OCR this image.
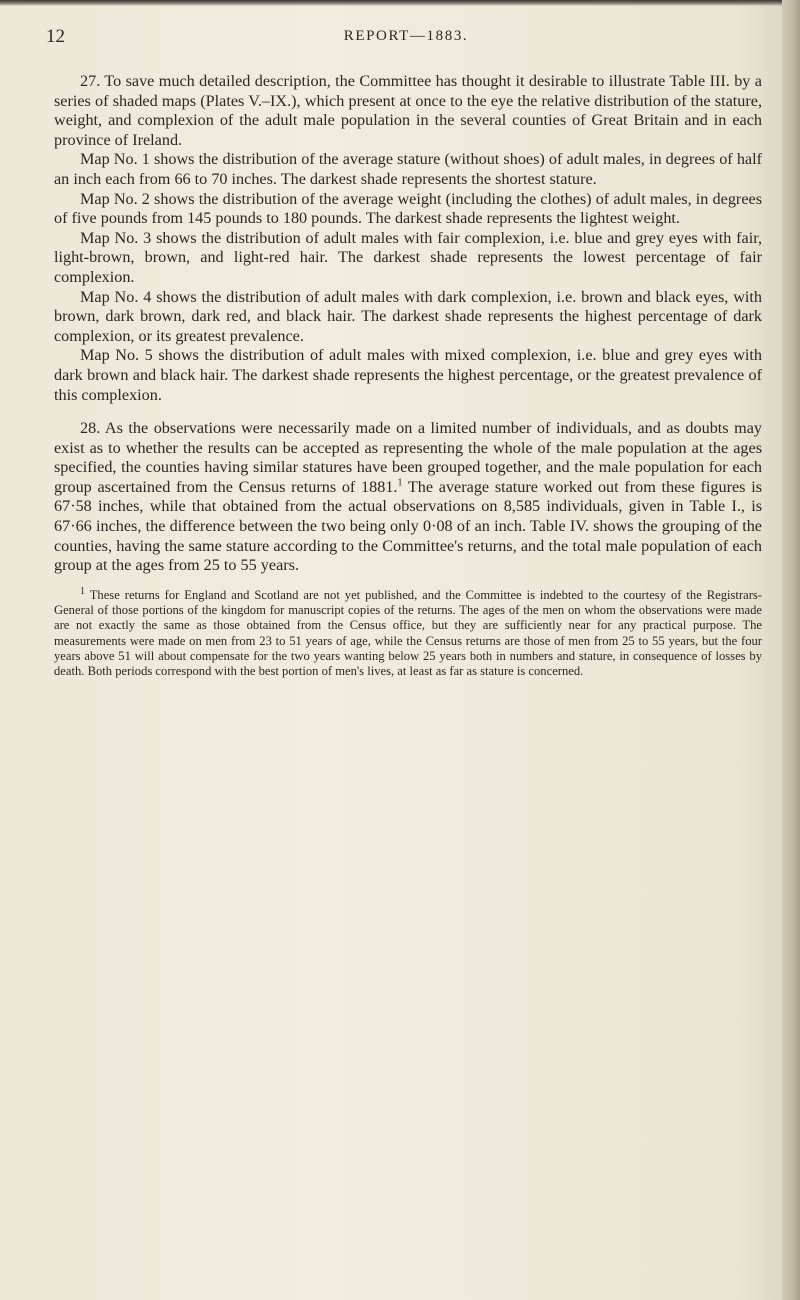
12	REPORT—1883.

27. To save much detailed description, the Committee has thought it desirable to illustrate Table III. by a series of shaded maps (Plates V.–IX.), which present at once to the eye the relative distribution of the stature, weight, and complexion of the adult male population in the several counties of Great Britain and in each province of Ireland.

Map No. 1 shows the distribution of the average stature (without shoes) of adult males, in degrees of half an inch each from 66 to 70 inches. The darkest shade represents the shortest stature.

Map No. 2 shows the distribution of the average weight (including the clothes) of adult males, in degrees of five pounds from 145 pounds to 180 pounds. The darkest shade represents the lightest weight.

Map No. 3 shows the distribution of adult males with fair complexion, i.e. blue and grey eyes with fair, light-brown, brown, and light-red hair. The darkest shade represents the lowest percentage of fair complexion.

Map No. 4 shows the distribution of adult males with dark complexion, i.e. brown and black eyes, with brown, dark brown, dark red, and black hair. The darkest shade represents the highest percentage of dark complexion, or its greatest prevalence.

Map No. 5 shows the distribution of adult males with mixed complexion, i.e. blue and grey eyes with dark brown and black hair. The darkest shade represents the highest percentage, or the greatest prevalence of this complexion.

28. As the observations were necessarily made on a limited number of individuals, and as doubts may exist as to whether the results can be accepted as representing the whole of the male population at the ages specified, the counties having similar statures have been grouped together, and the male population for each group ascertained from the Census returns of 1881.$^1$ The average stature worked out from these figures is 67·58 inches, while that obtained from the actual observations on 8,585 individuals, given in Table I., is 67·66 inches, the difference between the two being only 0·08 of an inch. Table IV. shows the grouping of the counties, having the same stature according to the Committee's returns, and the total male population of each group at the ages from 25 to 55 years.

$^1$ These returns for England and Scotland are not yet published, and the Committee is indebted to the courtesy of the Registrars-General of those portions of the kingdom for manuscript copies of the returns. The ages of the men on whom the observations were made are not exactly the same as those obtained from the Census office, but they are sufficiently near for any practical purpose. The measurements were made on men from 23 to 51 years of age, while the Census returns are those of men from 25 to 55 years, but the four years above 51 will about compensate for the two years wanting below 25 years both in numbers and stature, in consequence of losses by death. Both periods correspond with the best portion of men's lives, at least as far as stature is concerned.
